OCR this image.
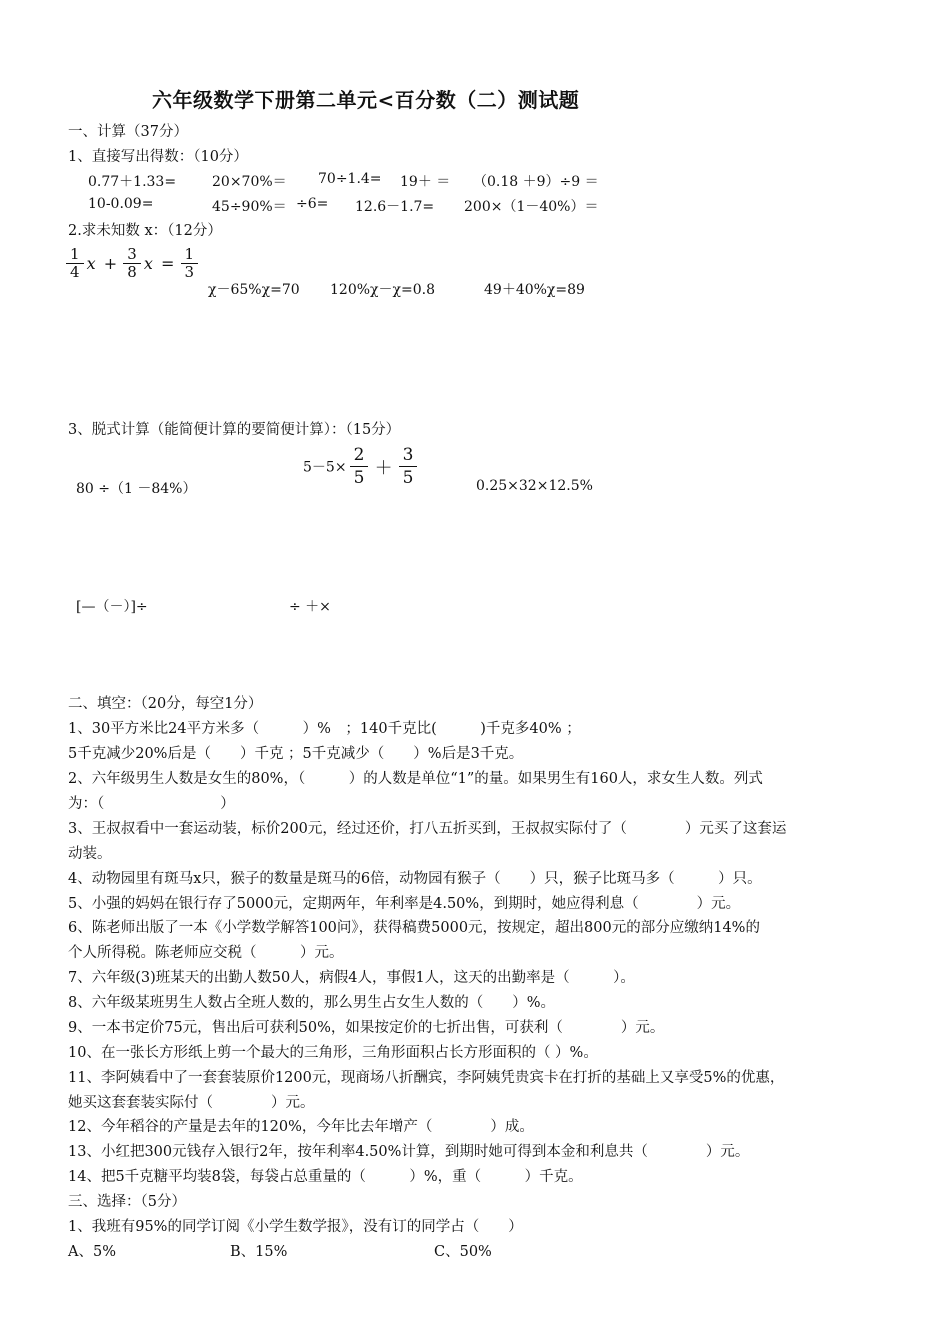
六年级数学下册第二单元<百分数（二）测试题
一、计算（37分）
1、直接写出得数：（10分）
0.77＋1.33=	20×70%＝ 70÷1.4= 19＋ ＝ （0.18 ＋9）÷9 ＝
10-0.09=	45÷90%＝ ÷6= 12.6－1.7= 200×（1－40%）＝
2.求未知数 x：（12分）
$\frac{1}{4}$ $x + \frac{3}{8}$ $x = \frac{1}{3}$
χ－65%χ=70 120%χ－χ=0.8	49＋40%χ=89
3、脱式计算（能简便计算的要简便计算）：（15分）
80 ÷（1 －84%）
$5-5\times \frac{2}{5} + \frac{3}{5}$	0.25×32×12.5%
[—（－）]÷	÷ ＋×
二、填空：（20分，每空1分）
1、30平方米比24平方米多（　　　）%　；140千克比(　　　)千克多40% ；
5千克减少20%后是（　　）千克 ；5千克减少（　　）%后是3千克。
2、六年级男生人数是女生的80%，（　　　）的人数是单位“1”的量。如果男生有160人，求女生人数。列式
为：（　　　　　　　　）
3、王叔叔看中一套运动装，标价200元，经过还价，打八五折买到，王叔叔实际付了（　　　　）元买了这套运
动装。
4、动物园里有斑马x只，猴子的数量是斑马的6倍，动物园有猴子（　　）只，猴子比斑马多（　　　）只。
5、小强的妈妈在银行存了5000元，定期两年，年利率是4.50%，到期时，她应得利息（　　　　）元。
6、陈老师出版了一本《小学数学解答100问》，获得稿费5000元，按规定，超出800元的部分应缴纳14%的
个人所得税。陈老师应交税（　　　）元。
7、六年级(3)班某天的出勤人数50人，病假4人，事假1人，这天的出勤率是（　　　）。
8、六年级某班男生人数占全班人数的，那么男生占女生人数的（　　）%。
9、一本书定价75元，售出后可获利50%，如果按定价的七折出售，可获利（　　　　）元。
10、在一张长方形纸上剪一个最大的三角形，三角形面积占长方形面积的（ ）%。
11、李阿姨看中了一套套装原价1200元，现商场八折酬宾，李阿姨凭贵宾卡在打折的基础上又享受5%的优惠，
她买这套套装实际付（　　　　）元。
12、今年稻谷的产量是去年的120%，今年比去年增产（　　　　）成。
13、小红把300元钱存入银行2年，按年利率4.50%计算，到期时她可得到本金和利息共（　　　　）元。
14、把5千克糖平均装8袋，每袋占总重量的（　　　）%，重（　　　）千克。
三、选择：（5分）
1、我班有95%的同学订阅《小学生数学报》，没有订的同学占（　　）
A、5%	B、15%	C、50%
